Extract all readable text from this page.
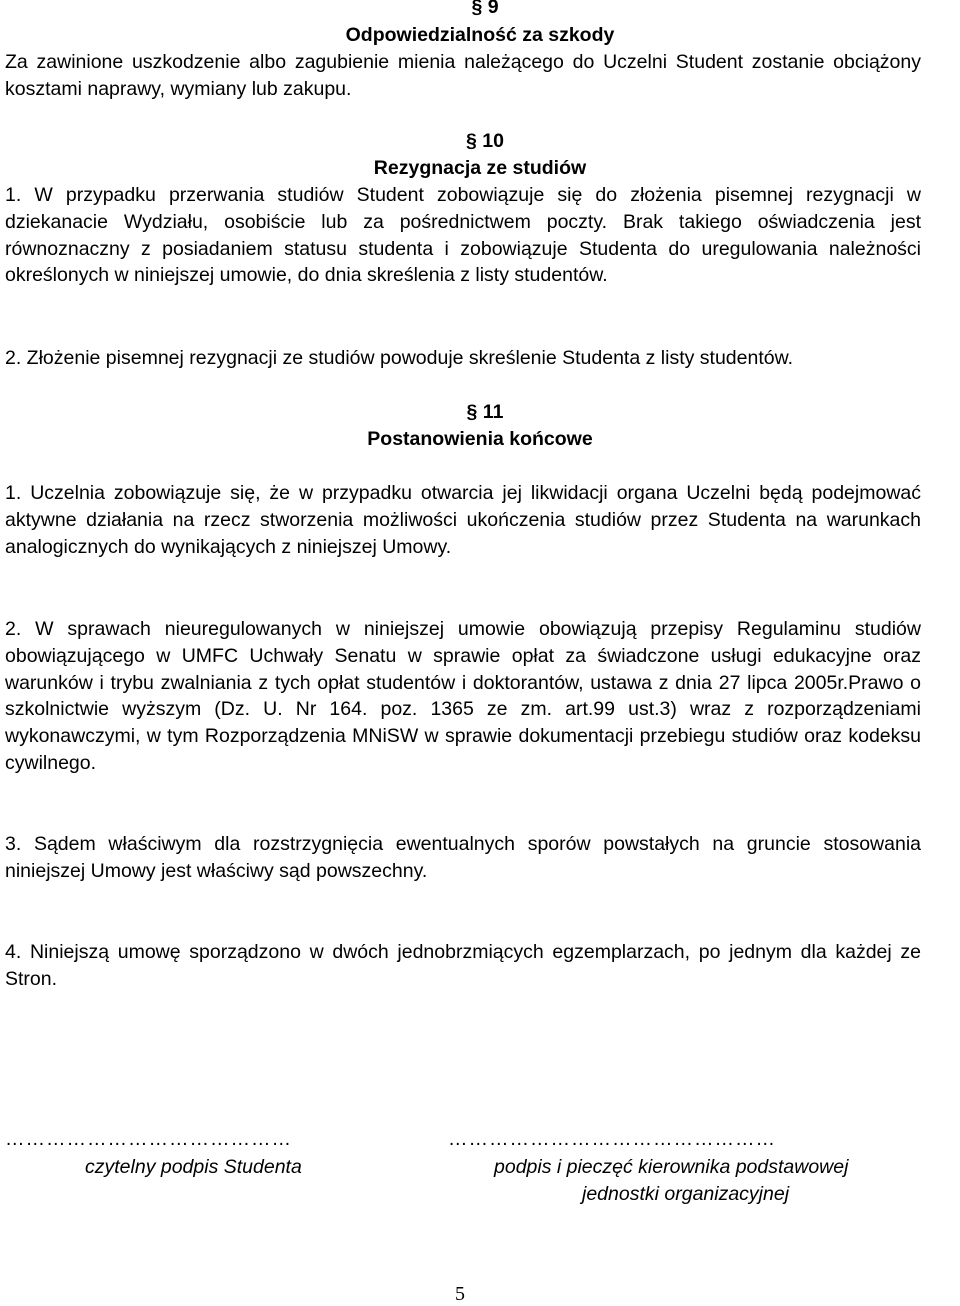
§ 9
Odpowiedzialność za szkody
Za zawinione uszkodzenie albo zagubienie mienia należącego do Uczelni Student zostanie obciążony kosztami naprawy, wymiany lub zakupu.
§ 10
Rezygnacja ze studiów
1. W przypadku przerwania studiów Student zobowiązuje się do złożenia pisemnej rezygnacji w dziekanacie Wydziału, osobiście lub za pośrednictwem poczty. Brak takiego oświadczenia jest równoznaczny z posiadaniem statusu studenta i zobowiązuje Studenta do uregulowania należności określonych w niniejszej umowie, do dnia skreślenia z listy studentów.
2. Złożenie pisemnej rezygnacji ze studiów powoduje skreślenie Studenta z listy studentów.
§ 11
Postanowienia końcowe
1. Uczelnia zobowiązuje się, że w przypadku otwarcia jej likwidacji organa Uczelni będą podejmować aktywne działania na rzecz stworzenia możliwości ukończenia studiów przez Studenta na warunkach analogicznych do wynikających z niniejszej Umowy.
2. W sprawach nieuregulowanych w niniejszej umowie obowiązują przepisy Regulaminu studiów obowiązującego w UMFC Uchwały Senatu w sprawie opłat za świadczone usługi edukacyjne oraz warunków i trybu zwalniania z tych opłat studentów i doktorantów, ustawa z dnia 27 lipca 2005r.Prawo o szkolnictwie wyższym (Dz. U. Nr 164. poz. 1365 ze zm. art.99 ust.3) wraz z rozporządzeniami wykonawczymi, w tym Rozporządzenia MNiSW w sprawie dokumentacji przebiegu studiów oraz kodeksu cywilnego.
3. Sądem właściwym dla rozstrzygnięcia ewentualnych sporów powstałych na gruncie stosowania niniejszej Umowy jest właściwy sąd powszechny.
4. Niniejszą umowę sporządzono w dwóch jednobrzmiących egzemplarzach, po jednym dla każdej ze Stron.
……………………………………	…………………………………………
czytelny podpis Studenta	podpis i pieczęć kierownika podstawowej
jednostki organizacyjnej
5
